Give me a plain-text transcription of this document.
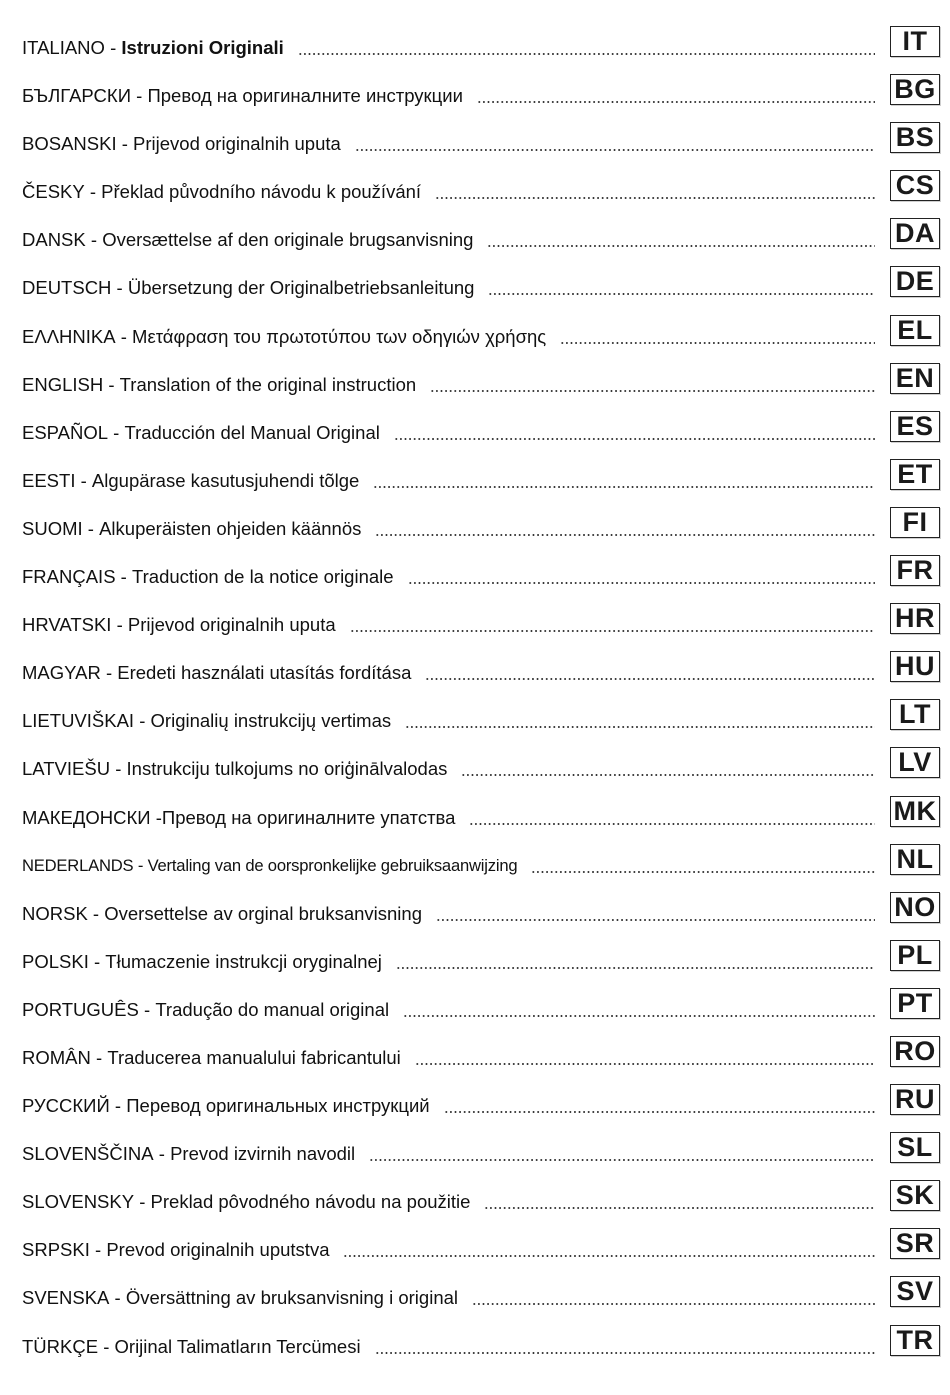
ITALIANO - Istruzioni Originali	IT
БЪЛГАРСКИ - Превод на оригиналните инструкции	BG
BOSANSKI - Prijevod originalnih uputa	BS
ČESKY - Překlad původního návodu k používání	CS
DANSK - Oversættelse af den originale brugsanvisning	DA
DEUTSCH - Übersetzung der Originalbetriebsanleitung	DE
ΕΛΛΗΝΙΚΑ - Μετάφραση του πρωτοτύπου των οδηγιών χρήσης	EL
ENGLISH - Translation of the original instruction	EN
ESPAÑOL - Traducción del Manual Original	ES
EESTI - Algupärase kasutusjuhendi tõlge	ET
SUOMI - Alkuperäisten ohjeiden käännös	FI
FRANÇAIS - Traduction de la notice originale	FR
HRVATSKI - Prijevod originalnih uputa	HR
MAGYAR - Eredeti használati utasítás fordítása	HU
LIETUVIŠKAI - Originalių instrukcijų vertimas	LT
LATVIEŠU - Instrukciju tulkojums no oriģinālvalodas	LV
МАКЕДОНСКИ - Превод на оригиналните упатства	MK
NEDERLANDS - Vertaling van de oorspronkelijke gebruiksaanwijzing	NL
NORSK - Oversettelse av orginal bruksanvisning	NO
POLSKI - Tłumaczenie instrukcji oryginalnej	PL
PORTUGUÊS - Tradução do manual original	PT
ROMÂN - Traducerea manualului fabricantului	RO
РУССКИЙ - Перевод оригинальных инструкций	RU
SLOVENŠČINA - Prevod izvirnih navodil	SL
SLOVENSKY - Preklad pôvodného návodu na použitie	SK
SRPSKI - Prevod originalnih uputstva	SR
SVENSKA - Översättning av bruksanvisning i original	SV
TÜRKÇE - Orijinal Talimatların Tercümesi	TR
